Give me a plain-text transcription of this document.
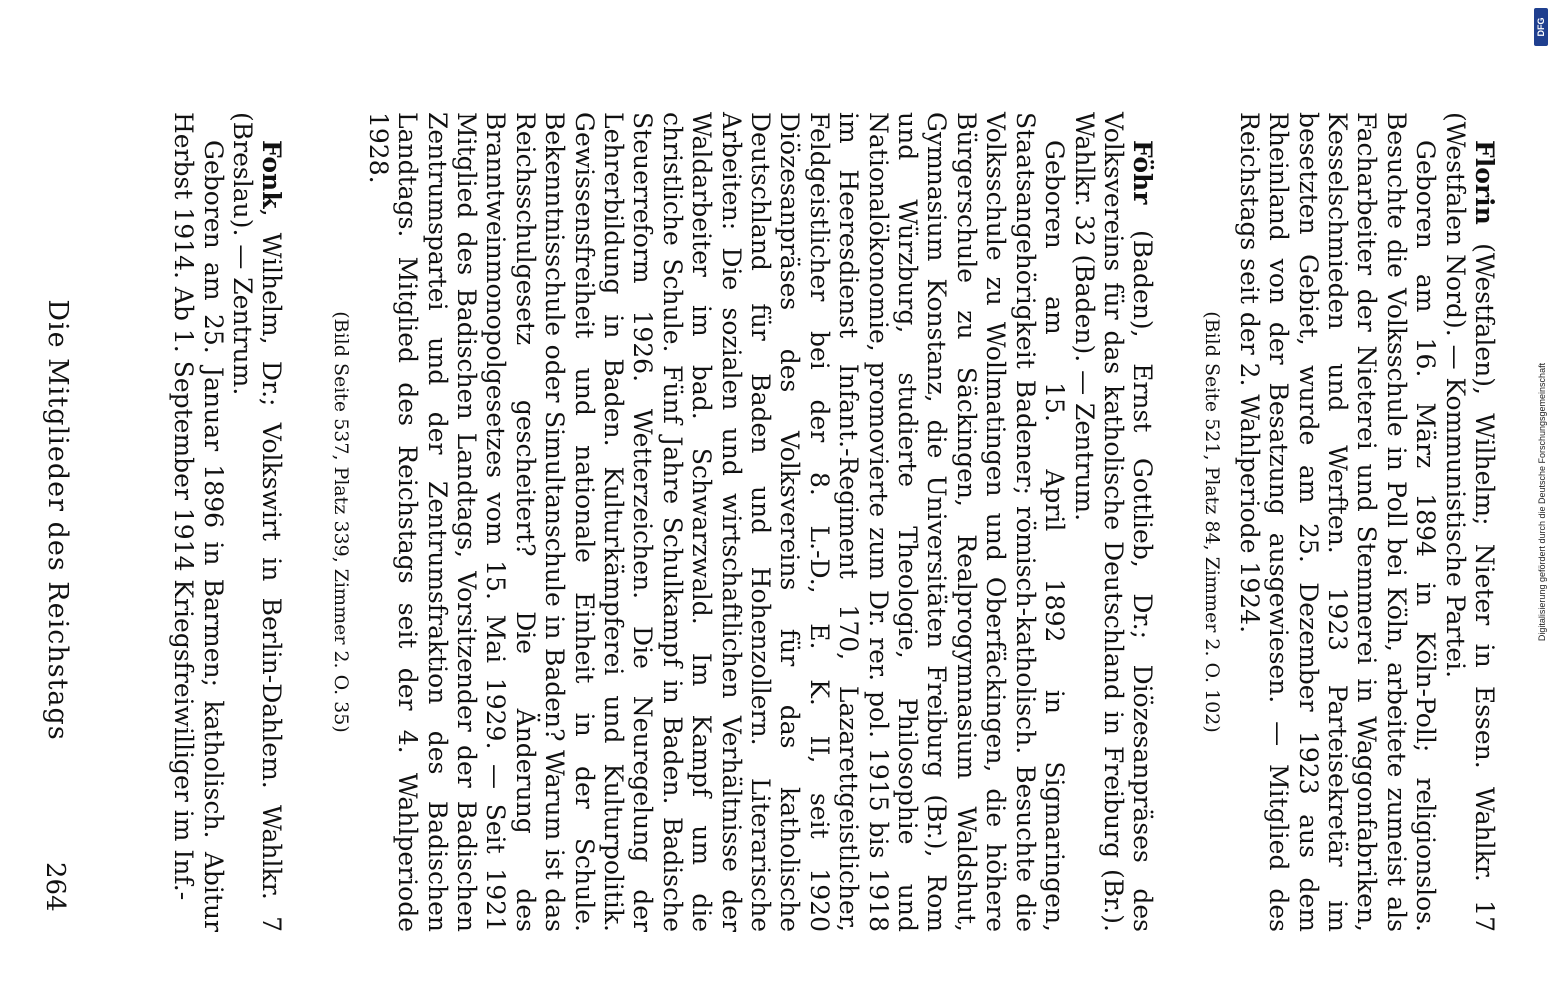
264
Die Mitglieder des Reichstags

Florin (Westfalen), Wilhelm; Nieter in Essen. Wahlkr. 17 (Westfalen Nord). — Kommunistische Partei.

Geboren am 16. März 1894 in Köln-Poll; religionslos. Besuchte die Volksschule in Poll bei Köln, arbeitete zumeist als Facharbeiter der Nieterei und Stemmerei in Waggonfabriken, Kesselschmieden und Werften. 1923 Parteisekretär im besetzten Gebiet, wurde am 25. Dezember 1923 aus dem Rheinland von der Besatzung ausgewiesen. — Mitglied des Reichstags seit der 2. Wahlperiode 1924.

(Bild Seite 521, Platz 84, Zimmer 2. O. 102)

Föhr (Baden), Ernst Gottlieb, Dr.; Diözesanpräses des Volksvereins für das katholische Deutschland in Freiburg (Br.). Wahlkr. 32 (Baden). — Zentrum.

Geboren am 15. April 1892 in Sigmaringen, Staatsangehörigkeit Badener; römisch-katholisch. Besuchte die Volksschule zu Wollmatingen und Oberfäckingen, die höhere Bürgerschule zu Säckingen, Realprogymnasium Waldshut, Gymnasium Konstanz, die Universitäten Freiburg (Br.), Rom und Würzburg, studierte Theologie, Philosophie und Nationalökonomie, promovierte zum Dr. rer. pol. 1915 bis 1918 im Heeresdienst Infant.-Regiment 170, Lazarettgeistlicher, Feldgeistlicher bei der 8. L.-D., E. K. II, seit 1920 Diözesanpräses des Volksvereins für das katholische Deutschland für Baden und Hohenzollern. Literarische Arbeiten: Die sozialen und wirtschaftlichen Verhältnisse der Waldarbeiter im bad. Schwarzwald. Im Kampf um die christliche Schule. Fünf Jahre Schulkampf in Baden. Badische Steuerreform 1926. Wetterzeichen. Die Neuregelung der Lehrerbildung in Baden. Kulturkämpferei und Kulturpolitik. Gewissensfreiheit und nationale Einheit in der Schule. Bekenntnisschule oder Simultanschule in Baden? Warum ist das Reichsschulgesetz gescheitert? Die Änderung des Branntweinmonopolgesetzes vom 15. Mai 1929. — Seit 1921 Mitglied des Badischen Landtags, Vorsitzender der Badischen Zentrumspartei und der Zentrumsfraktion des Badischen Landtags. Mitglied des Reichstags seit der 4. Wahlperiode 1928.

(Bild Seite 537, Platz 339, Zimmer 2. O. 35)

Fonk, Wilhelm, Dr.; Volkswirt in Berlin-Dahlem. Wahlkr. 7 (Breslau). — Zentrum.

Geboren am 25. Januar 1896 in Barmen; katholisch. Abitur Herbst 1914. Ab 1. September 1914 Kriegsfreiwilliger im Inf.-

DFG
Digitalisierung gefördert durch die Deutsche Forschungsgemeinschaft
